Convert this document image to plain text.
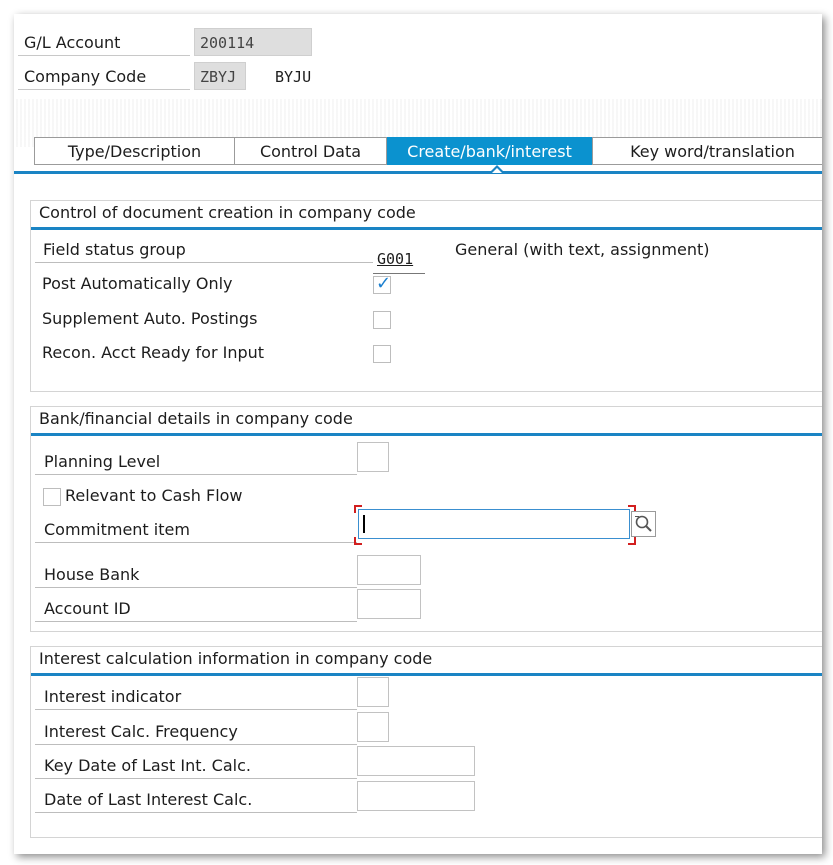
G/L Account	200114
Company Code	ZBYJ	BYJU
Type/Description	Control Data	Create/bank/interest	Key word/translation
Control of document creation in company code
Field status group	G001	General (with text, assignment)
Post Automatically Only	✓
Supplement Auto. Postings
Recon. Acct Ready for Input
Bank/financial details in company code
Planning Level
Relevant to Cash Flow
Commitment item
House Bank
Account ID
Interest calculation information in company code
Interest indicator
Interest Calc. Frequency
Key Date of Last Int. Calc.
Date of Last Interest Calc.
